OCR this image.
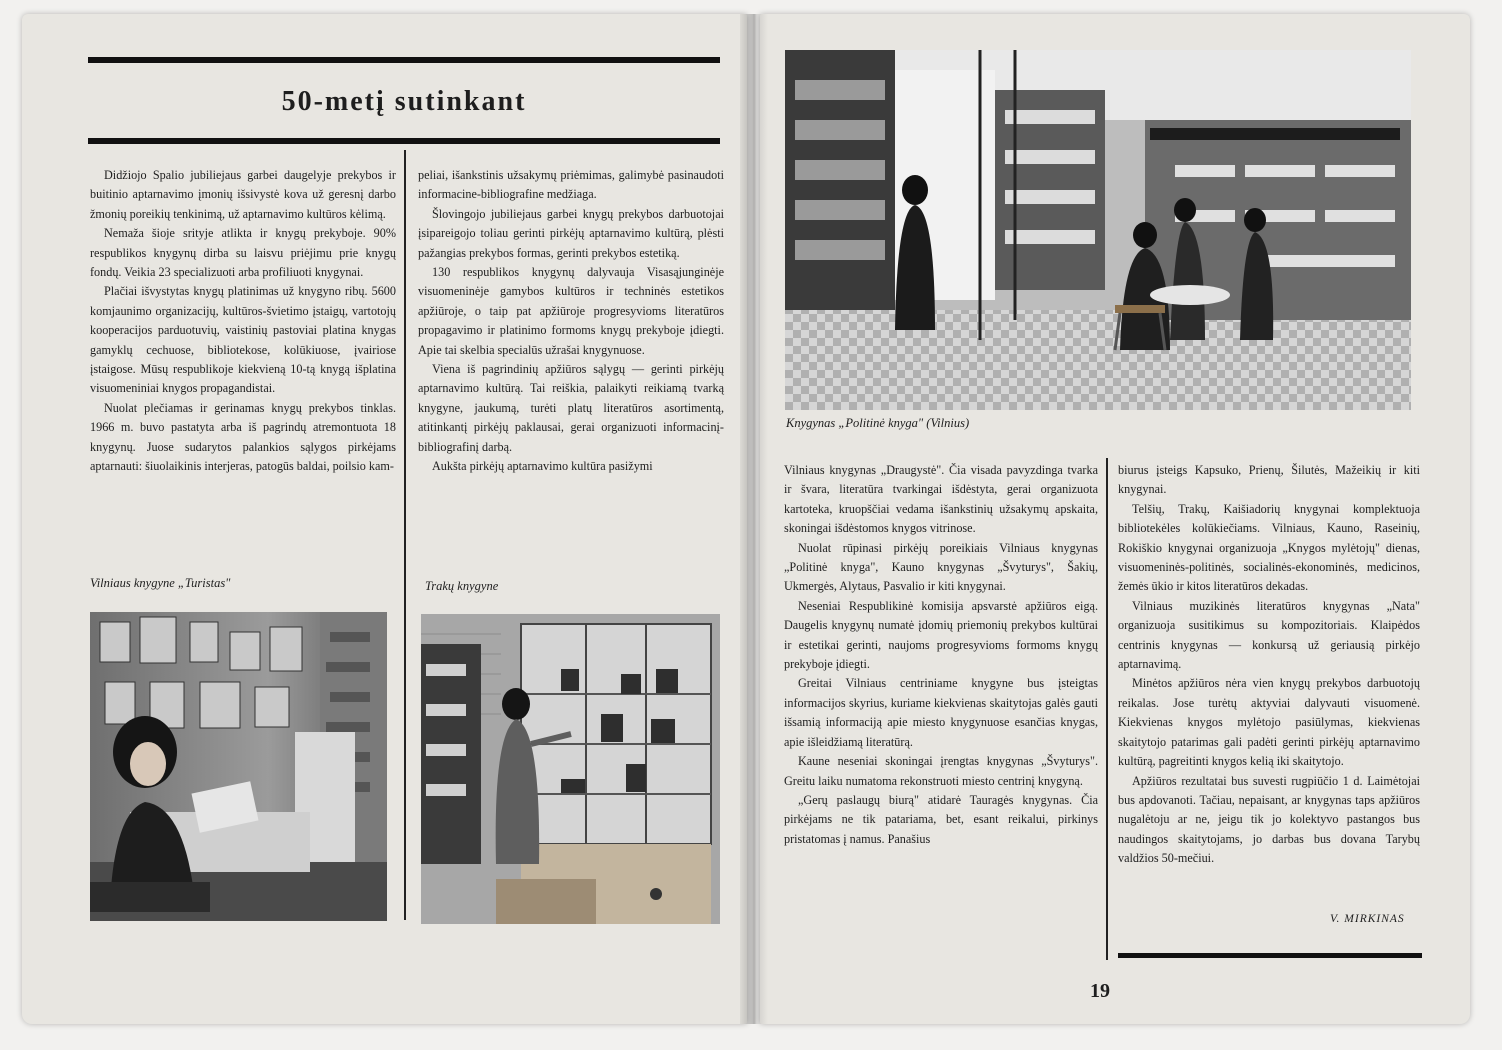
50-metį sutinkant

Didžiojo Spalio jubiliejaus garbei daugelyje prekybos ir buitinio aptarnavimo įmonių išsivystė kova už geresnį darbo žmonių poreikių tenkinimą, už aptarnavimo kultūros kėlimą.

Nemaža šioje srityje atlikta ir knygų prekyboje. 90% respublikos knygynų dirba su laisvu priėjimu prie knygų fondų. Veikia 23 specializuoti arba profiliuoti knygynai.

Plačiai išvystytas knygų platinimas už knygyno ribų. 5600 komjaunimo organizacijų, kultūros-švietimo įstaigų, vartotojų kooperacijos parduotuvių, vaistinių pastoviai platina knygas gamyklų cechuose, bibliotekose, kolūkiuose, įvairiose įstaigose. Mūsų respublikoje kiekvieną 10-tą knygą išplatina visuomeniniai knygos propagandistai.

Nuolat plečiamas ir gerinamas knygų prekybos tinklas. 1966 m. buvo pastatyta arba iš pagrindų atremontuota 18 knygynų. Juose sudarytos palankios sąlygos pirkėjams aptarnauti: šiuolaikinis interjeras, patogūs baldai, poilsio kam-

pelіai, išankstinis užsakymų priėmimas, galimybė pasinaudoti informacine-bibliografine medžiaga.

Šlovingojo jubiliejaus garbei knygų prekybos darbuotojai įsipareigojo toliau gerinti pirkėjų aptarnavimo kultūrą, plėsti pažangias prekybos formas, gerinti prekybos estetiką.

130 respublikos knygynų dalyvauja Visasąjunginėje visuomeninėje gamybos kultūros ir techninės estetikos apžiūroje, o taip pat apžiūroje progresyvioms literatūros propagavimo ir platinimo formoms knygų prekyboje įdiegti. Apie tai skelbia specialūs užrašai knygynuose.

Viena iš pagrindinių apžiūros sąlygų — gerinti pirkėjų aptarnavimo kultūrą. Tai reiškia, palaikyti reikiamą tvarką knygyne, jaukumą, turėti platų literatūros asortimentą, atitinkantį pirkėjų paklausai, gerai organizuoti informacinį-bibliografinį darbą.

Aukšta pirkėjų aptarnavimo kultūra pasižymi

Vilniaus knygyne „Turistas"	Trakų knygyne
Knygynas „Politinė knyga" (Vilnius)

Vilniaus knygynas „Draugystė". Čia visada pavyzdinga tvarka ir švara, literatūra tvarkingai išdėstyta, gerai organizuota kartoteka, kruopščiai vedama išankstinių užsakymų apskaita, skoningai išdėstomos knygos vitrinose.

Nuolat rūpinasi pirkėjų poreikiais Vilniaus knygynas „Politinė knyga", Kauno knygynas „Švyturys", Šakių, Ukmergės, Alytaus, Pasvalio ir kiti knygynai.

Neseniai Respublikinė komisija apsvarstė apžiūros eigą. Daugelis knygynų numatė įdomių priemonių prekybos kultūrai ir estetikai gerinti, naujoms progresyvioms formoms knygų prekyboje įdiegti.

Greitai Vilniaus centriniame knygyne bus įsteigtas informacijos skyrius, kuriame kiekvienas skaitytojas galės gauti išsamią informaciją apie miesto knygynuose esančias knygas, apie išleidžiamą literatūrą.

Kaune neseniai skoningai įrengtas knygynas „Švyturys". Greitu laiku numatoma rekonstruoti miesto centrinį knygyną.

„Gerų paslaugų biurą" atidarė Tauragės knygynas. Čia pirkėjams ne tik patariama, bet, esant reikalui, pirkinys pristatomas į namus. Panašius

biurus įsteigs Kapsuko, Prienų, Šilutės, Mažeikių ir kiti knygynai.

Telšių, Trakų, Kaišiadorių knygynai komplektuoja bibliotekėles kolūkiečiams. Vilniaus, Kauno, Raseinių, Rokiškio knygynai organizuoja „Knygos mylėtojų" dienas, visuomeninės-politinės, socialinės-ekonominės, medicinos, žemės ūkio ir kitos literatūros dekadas.

Vilniaus muzikinės literatūros knygynas „Nata" organizuoja susitikimus su kompozitoriais. Klaipėdos centrinis knygynas — konkursą už geriausią pirkėjo aptarnavimą.

Minėtos apžiūros nėra vien knygų prekybos darbuotojų reikalas. Jose turėtų aktyviai dalyvauti visuomenė. Kiekvienas knygos mylėtojo pasiūlymas, kiekvienas skaitytojo patarimas gali padėti gerinti pirkėjų aptarnavimo kultūrą, pagreitinti knygos kelią iki skaitytojo.

Apžiūros rezultatai bus suvesti rugpiūčio 1 d. Laimėtojai bus apdovanoti. Tačiau, nepaisant, ar knygynas taps apžiūros nugalėtoju ar ne, jeigu tik jo kolektyvo pastangos bus naudingos skaitytojams, jo darbas bus dovana Tarybų valdžios 50-mečiui.

V. MIRKINAS
19
